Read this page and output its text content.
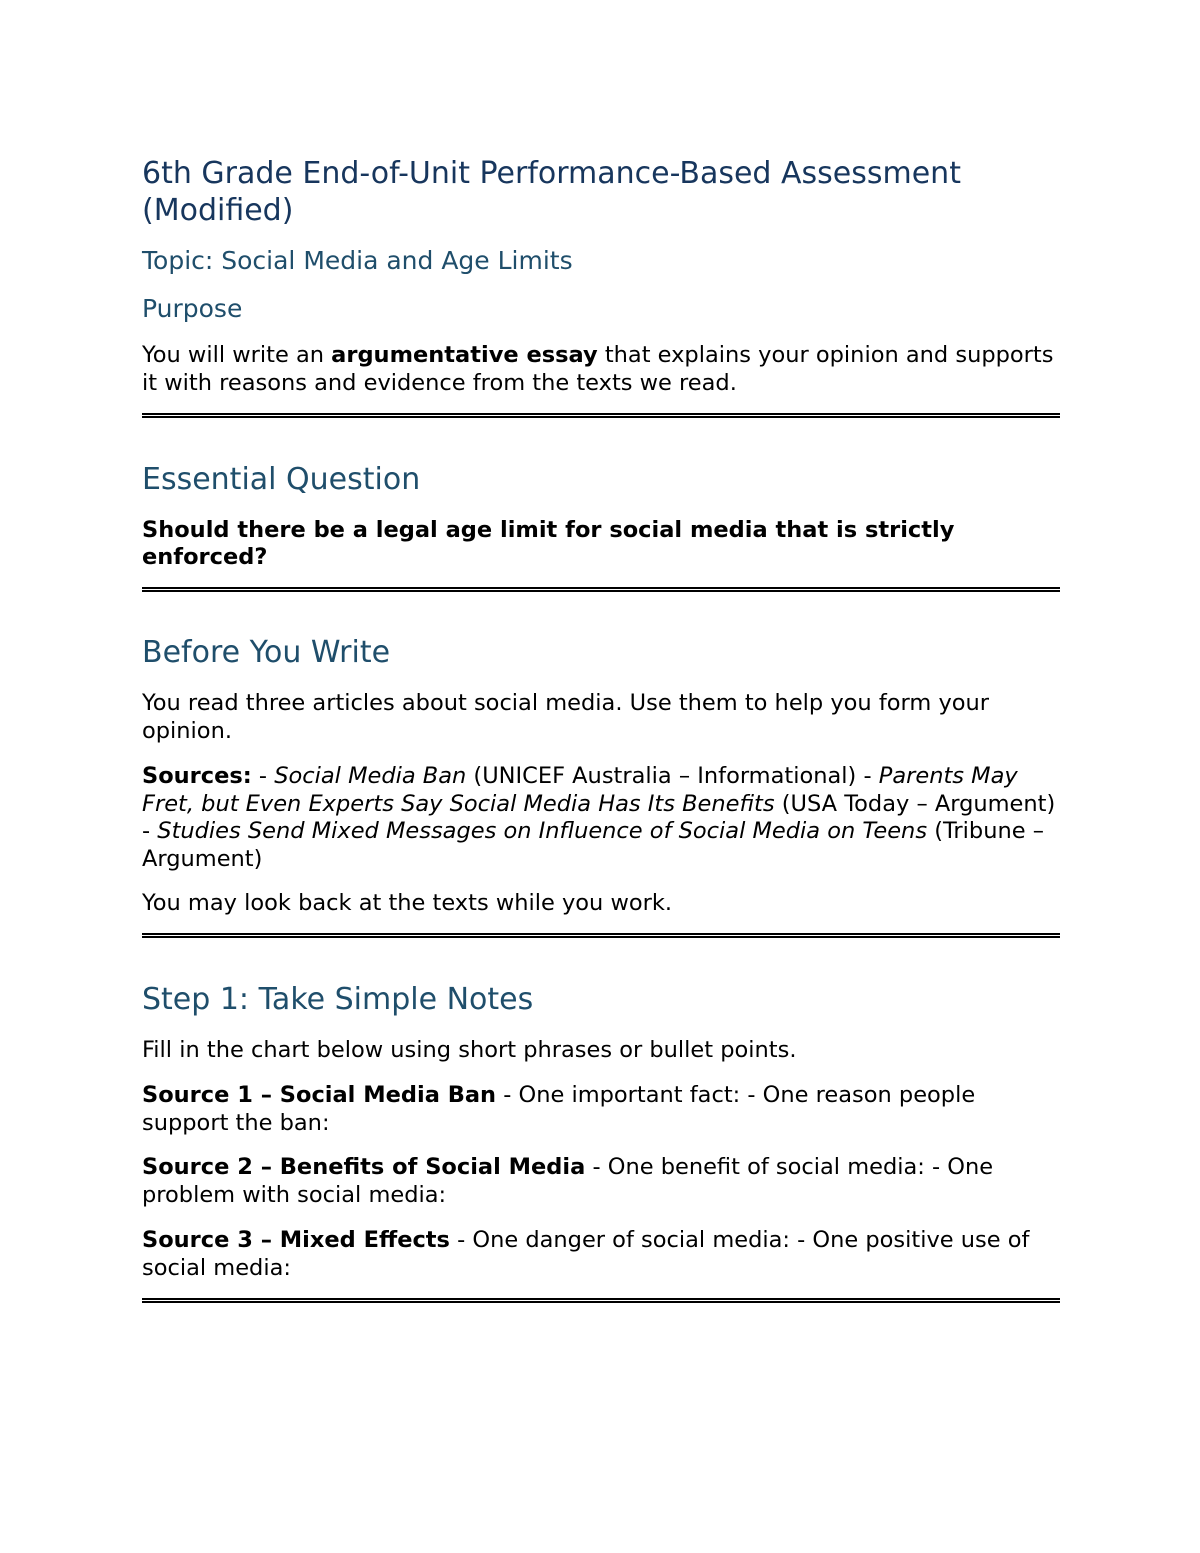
6th Grade End-of-Unit Performance-Based Assessment (Modified)
Topic: Social Media and Age Limits
Purpose

You will write an argumentative essay that explains your opinion and supports it with reasons and evidence from the texts we read.

Essential Question

Should there be a legal age limit for social media that is strictly enforced?

Before You Write

You read three articles about social media. Use them to help you form your opinion.

Sources: - Social Media Ban (UNICEF Australia – Informational) - Parents May Fret, but Even Experts Say Social Media Has Its Benefits (USA Today – Argument) - Studies Send Mixed Messages on Influence of Social Media on Teens (Tribune – Argument)

You may look back at the texts while you work.

Step 1: Take Simple Notes

Fill in the chart below using short phrases or bullet points.

Source 1 – Social Media Ban - One important fact: - One reason people support the ban:

Source 2 – Benefits of Social Media - One benefit of social media: - One problem with social media:

Source 3 – Mixed Effects - One danger of social media: - One positive use of social media:
